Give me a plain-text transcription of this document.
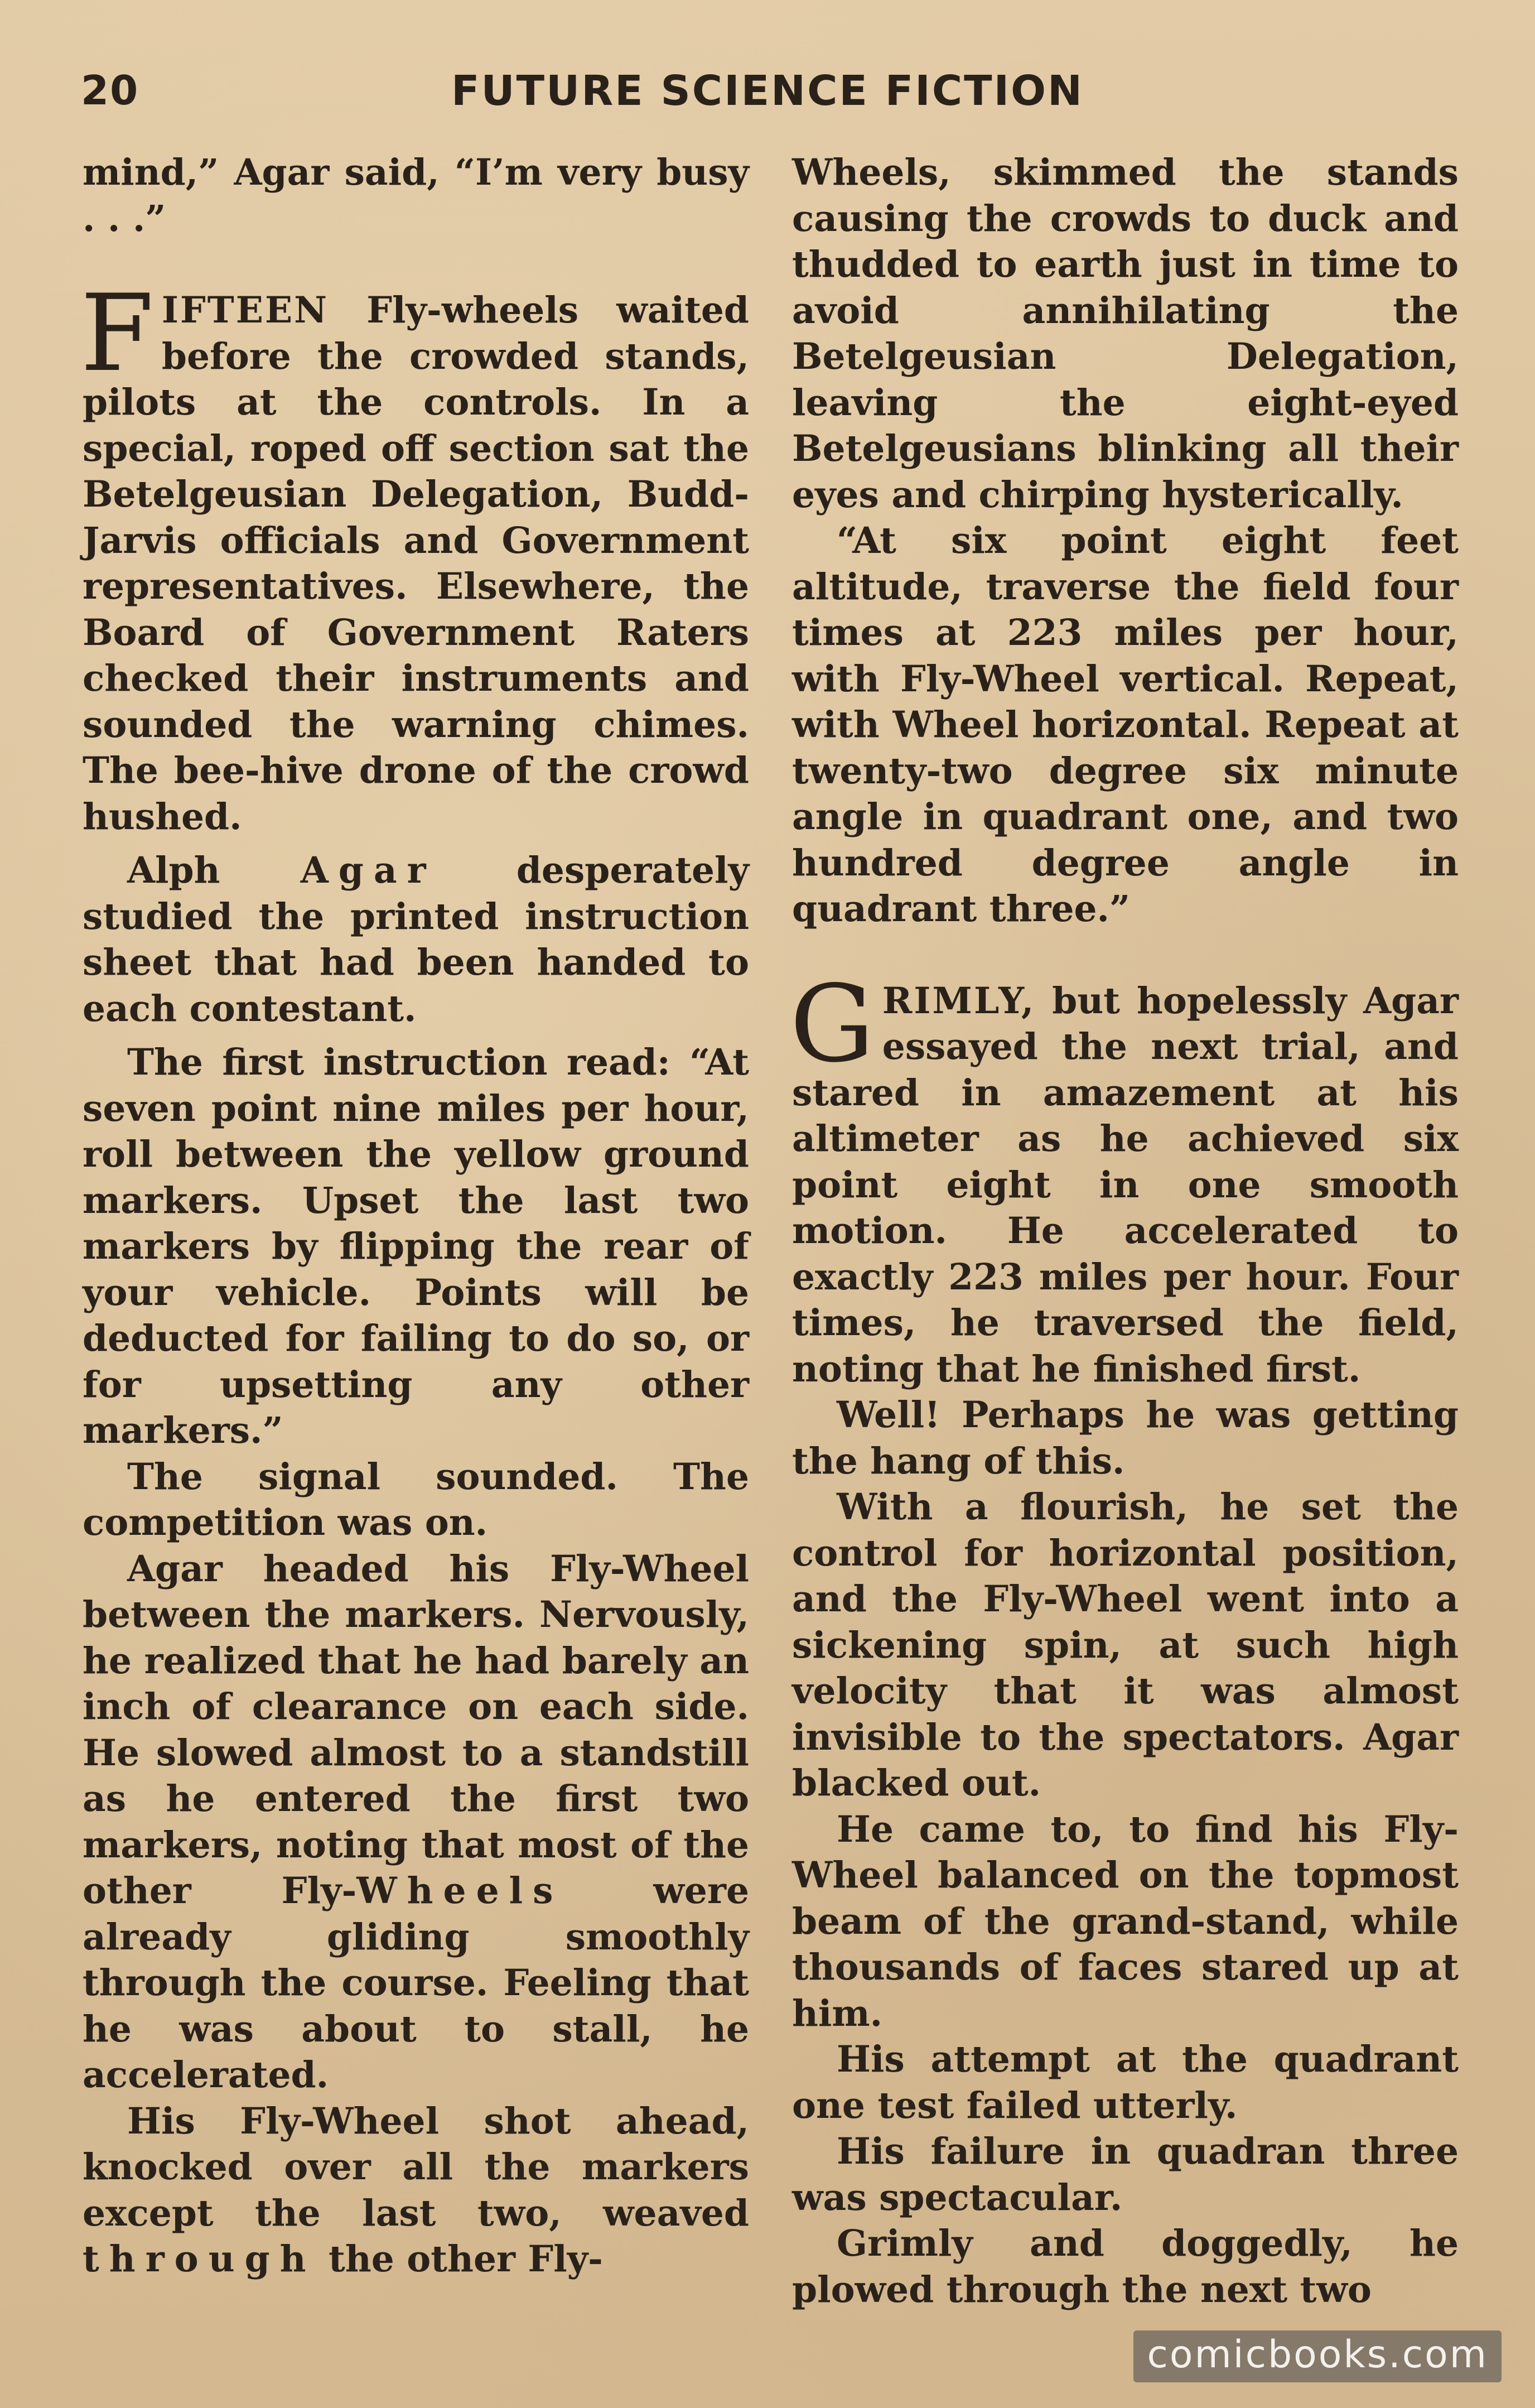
20	FUTURE SCIENCE FICTION

mind,” Agar said, “I’m very busy . . .”

FIFTEEN Fly-wheels waited before the crowded stands, pilots at the controls. In a special, roped off section sat the Betelgeusian Delegation, Budd-Jarvis officials and Government representatives. Elsewhere, the Board of Government Raters checked their instruments and sounded the warning chimes. The bee-hive drone of the crowd hushed.

Alph Agar desperately studied the printed instruction sheet that had been handed to each contestant.

The first instruction read: “At seven point nine miles per hour, roll between the yellow ground markers. Upset the last two markers by flipping the rear of your vehicle. Points will be deducted for failing to do so, or for upsetting any other markers.”

The signal sounded. The competition was on.

Agar headed his Fly-Wheel between the markers. Nervously, he realized that he had barely an inch of clearance on each side. He slowed almost to a standstill as he entered the first two markers, noting that most of the other Fly-Wheels were already gliding smoothly through the course. Feeling that he was about to stall, he accelerated.

His Fly-Wheel shot ahead, knocked over all the markers except the last two, weaved through the other Fly-

Wheels, skimmed the stands causing the crowds to duck and thudded to earth just in time to avoid annihilating the Betelgeusian Delegation, leaving the eight-eyed Betelgeusians blinking all their eyes and chirping hysterically.

“At six point eight feet altitude, traverse the field four times at 223 miles per hour, with Fly-Wheel vertical. Repeat, with Wheel horizontal. Repeat at twenty-two degree six minute angle in quadrant one, and two hundred degree angle in quadrant three.”

GRIMLY, but hopelessly Agar essayed the next trial, and stared in amazement at his altimeter as he achieved six point eight in one smooth motion. He accelerated to exactly 223 miles per hour. Four times, he traversed the field, noting that he finished first.

Well! Perhaps he was getting the hang of this.

With a flourish, he set the control for horizontal position, and the Fly-Wheel went into a sickening spin, at such high velocity that it was almost invisible to the spectators. Agar blacked out.

He came to, to find his Fly-Wheel balanced on the topmost beam of the grand-stand, while thousands of faces stared up at him.

His attempt at the quadrant one test failed utterly.

His failure in quadran three was spectacular.

Grimly and doggedly, he plowed through the next two

comicbooks.com
